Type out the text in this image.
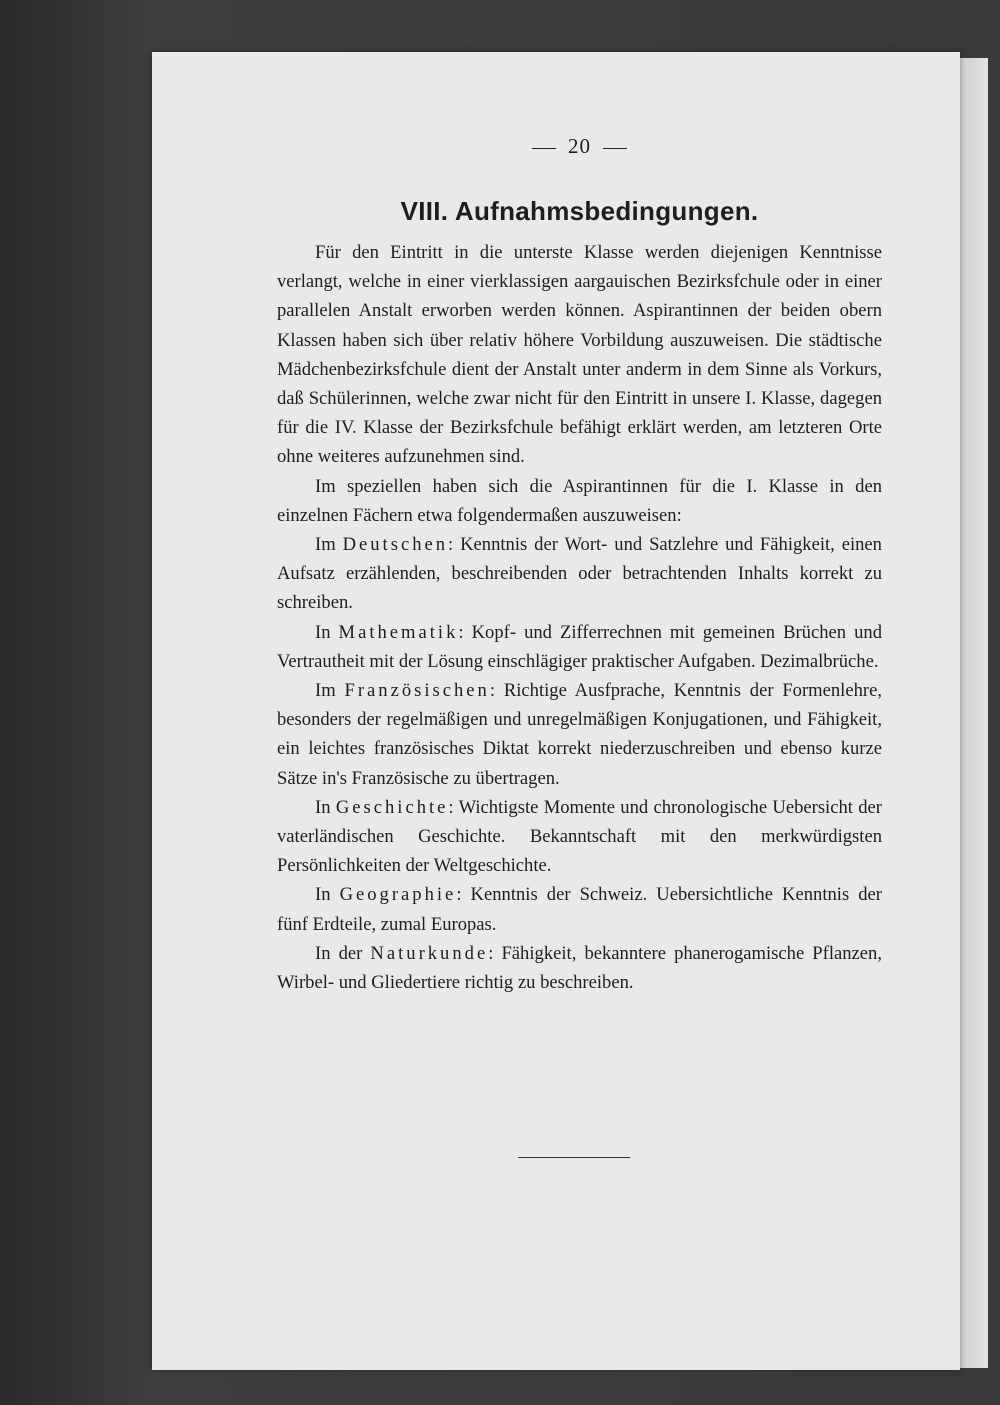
20
VIII. Aufnahmsbedingungen.

Für den Eintritt in die unterste Klasse werden diejenigen Kenntnisse verlangt, welche in einer vierklassigen aargauischen Bezirksfchule oder in einer parallelen Anstalt erworben werden können. Aspirantinnen der beiden obern Klassen haben sich über relativ höhere Vorbildung auszuweisen. Die städtische Mädchenbezirksfchule dient der Anstalt unter anderm in dem Sinne als Vorkurs, daß Schülerinnen, welche zwar nicht für den Eintritt in unsere I. Klasse, dagegen für die IV. Klasse der Bezirksfchule befähigt erklärt werden, am letzteren Orte ohne weiteres aufzunehmen sind.

Im speziellen haben sich die Aspirantinnen für die I. Klasse in den einzelnen Fächern etwa folgendermaßen auszuweisen:

Im Deutschen: Kenntnis der Wort- und Satzlehre und Fähigkeit, einen Aufsatz erzählenden, beschreibenden oder betrachtenden Inhalts korrekt zu schreiben.

In Mathematik: Kopf- und Zifferrechnen mit gemeinen Brüchen und Vertrautheit mit der Lösung einschlägiger praktischer Aufgaben. Dezimalbrüche.

Im Französischen: Richtige Ausfprache, Kenntnis der Formenlehre, besonders der regelmäßigen und unregelmäßigen Konjugationen, und Fähigkeit, ein leichtes französisches Diktat korrekt niederzuschreiben und ebenso kurze Sätze in's Französische zu übertragen.

In Geschichte: Wichtigste Momente und chronologische Uebersicht der vaterländischen Geschichte. Bekanntschaft mit den merkwürdigsten Persönlichkeiten der Weltgeschichte.

In Geographie: Kenntnis der Schweiz. Uebersichtliche Kenntnis der fünf Erdteile, zumal Europas.

In der Naturkunde: Fähigkeit, bekanntere phanerogamische Pflanzen, Wirbel- und Gliedertiere richtig zu beschreiben.
